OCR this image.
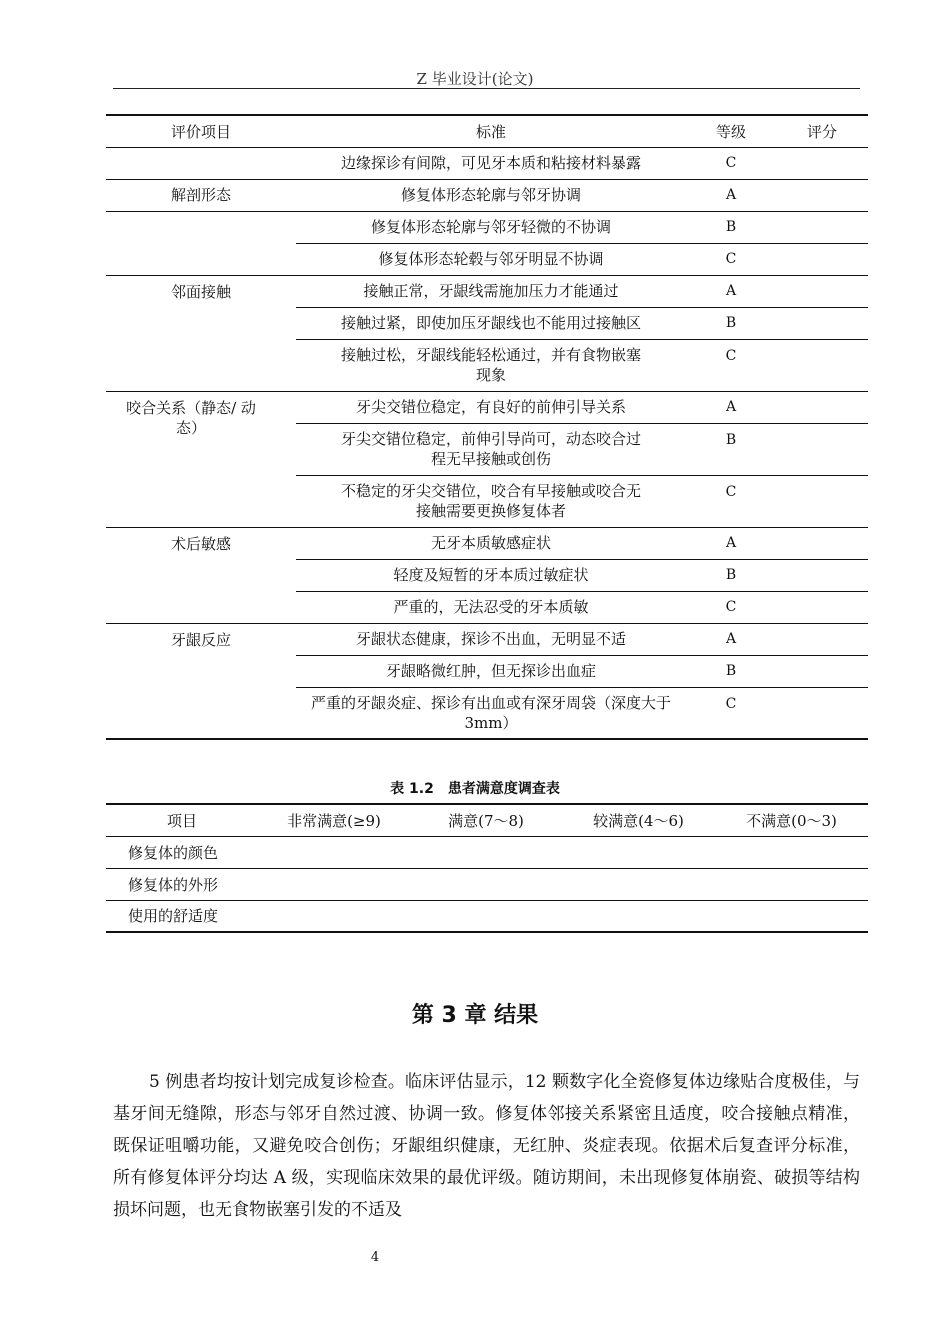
Z 毕业设计(论文)
评价项目	标准	等级	评分
	边缘探诊有间隙，可见牙本质和粘接材料暴露	C	
解剖形态	修复体形态轮廓与邻牙协调	A	
	修复体形态轮廓与邻牙轻微的不协调	B	
	修复体形态轮毂与邻牙明显不协调	C	
邻面接触	接触正常，牙龈线需施加压力才能通过	A	
	接触过紧，即使加压牙龈线也不能用过接触区	B	
	接触过松，牙龈线能轻松通过，并有食物嵌塞现象	C	
咬合关系（静态/ 动态）	牙尖交错位稳定，有良好的前伸引导关系	A	
	牙尖交错位稳定，前伸引导尚可，动态咬合过程无早接触或创伤	B	
	不稳定的牙尖交错位，咬合有早接触或咬合无接触需要更换修复体者	C	
术后敏感	无牙本质敏感症状	A	
	轻度及短暂的牙本质过敏症状	B	
	严重的，无法忍受的牙本质敏	C	
牙龈反应	牙龈状态健康，探诊不出血，无明显不适	A	
	牙龈略微红肿，但无探诊出血症	B	
	严重的牙龈炎症、探诊有出血或有深牙周袋（深度大于 3mm）	C	
表 1.2　患者满意度调查表
项目	非常满意(≥9)	满意(7～8)	较满意(4～6)	不满意(0～3)
修复体的颜色				
修复体的外形				
使用的舒适度				
第 3 章 结果

5 例患者均按计划完成复诊检查。临床评估显示，12 颗数字化全瓷修复体边缘贴合度极佳，与基牙间无缝隙，形态与邻牙自然过渡、协调一致。修复体邻接关系紧密且适度，咬合接触点精准，既保证咀嚼功能，又避免咬合创伤；牙龈组织健康，无红肿、炎症表现。依据术后复查评分标准，所有修复体评分均达 A 级，实现临床效果的最优评级。随访期间，未出现修复体崩瓷、破损等结构损坏问题，也无食物嵌塞引发的不适及

4
